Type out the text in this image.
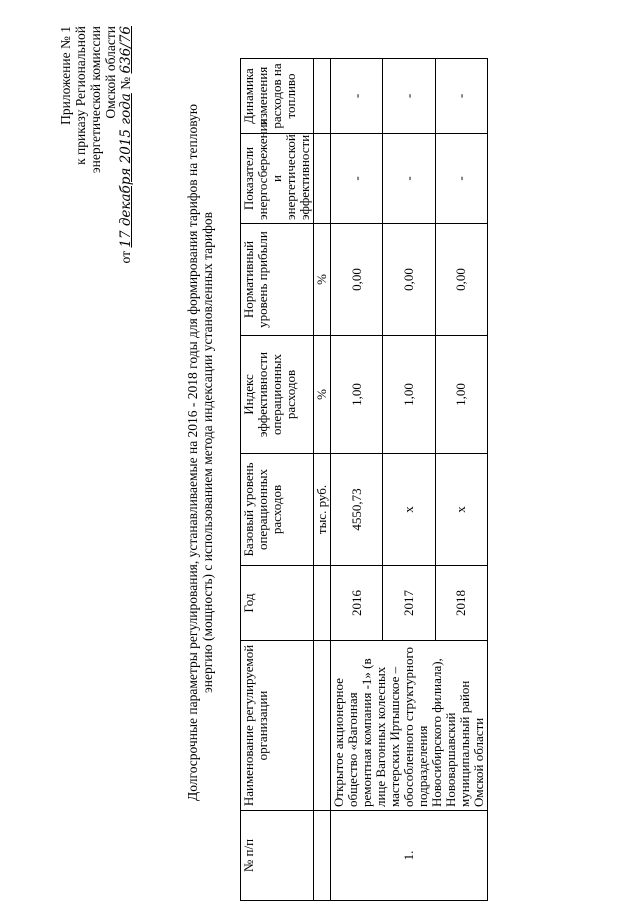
Приложение № 1 к приказу Региональной энергетической комиссии Омской области
от 17 декабря 2015 года № 636/76
Долгосрочные параметры регулирования, устанавливаемые на 2016 - 2018 годы для формирования тарифов на тепловую энергию (мощность) с использованием метода индексации установленных тарифов
№ п/п	Наименование регулируемой организации	Год	Базовый уровень операционных расходов	Индекс эффективности операционных расходов	Нормативный уровень прибыли	Показатели энергосбережения и энергетической эффективности	Динамика изменения расходов на топливо
			тыс. руб.	%	%		
1.	Открытое акционерное общество «Вагонная ремонтная компания -1» (в лице Вагонных колесных мастерских Иртышское – обособленного структурного подразделения Новосибирского филиала), Нововаршавский муниципальный район Омской области	2016	4550,73	1,00	0,00	-	-
		2017	х	1,00	0,00	-	-
		2018	х	1,00	0,00	-	-
